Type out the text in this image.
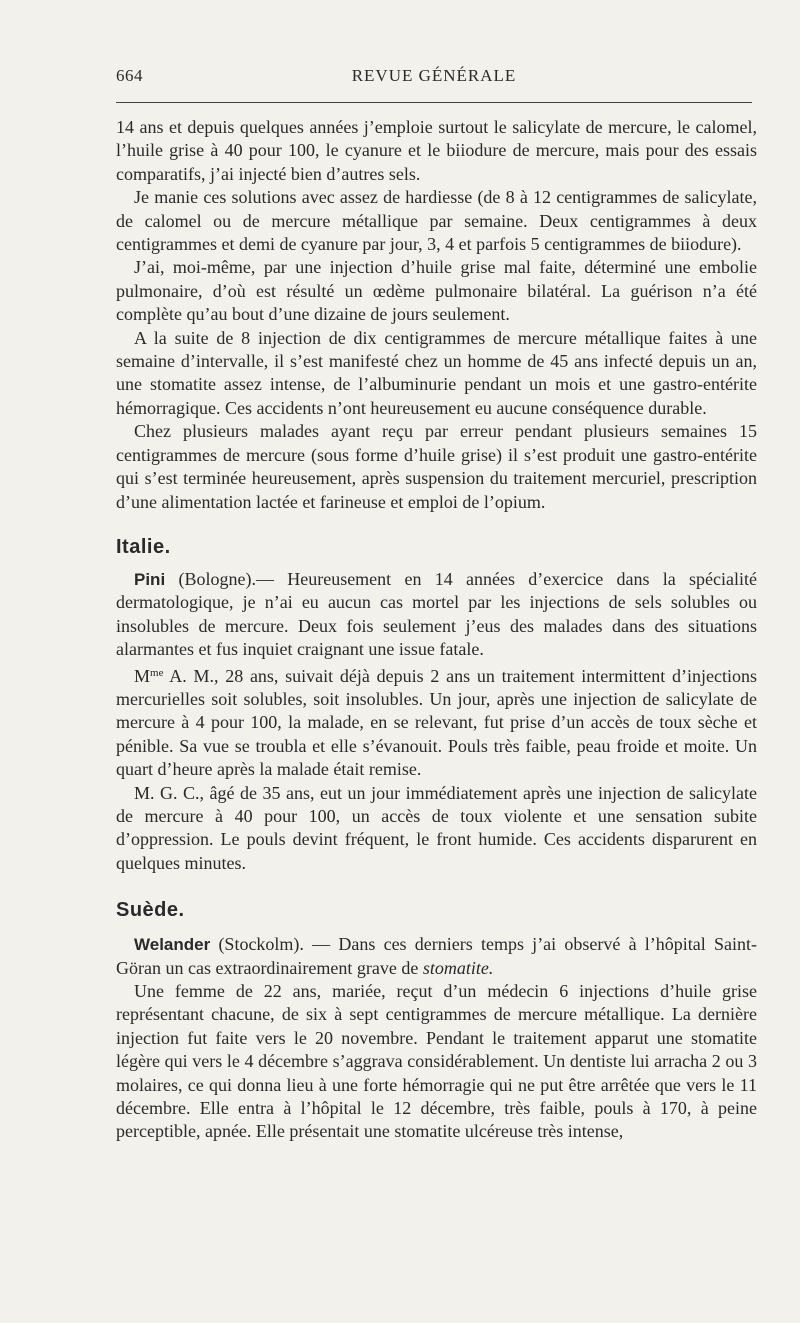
664	REVUE GÉNÉRALE

14 ans et depuis quelques années j’emploie surtout le salicylate de mercure, le calomel, l’huile grise à 40 pour 100, le cyanure et le biiodure de mercure, mais pour des essais comparatifs, j’ai injecté bien d’autres sels.

Je manie ces solutions avec assez de hardiesse (de 8 à 12 centigrammes de salicylate, de calomel ou de mercure métallique par semaine. Deux centigrammes à deux centigrammes et demi de cyanure par jour, 3, 4 et parfois 5 centigrammes de biiodure).

J’ai, moi-même, par une injection d’huile grise mal faite, déterminé une embolie pulmonaire, d’où est résulté un œdème pulmonaire bilatéral. La guérison n’a été complète qu’au bout d’une dizaine de jours seulement.

A la suite de 8 injection de dix centigrammes de mercure métallique faites à une semaine d’intervalle, il s’est manifesté chez un homme de 45 ans infecté depuis un an, une stomatite assez intense, de l’albuminurie pendant un mois et une gastro-entérite hémorragique. Ces accidents n’ont heureusement eu aucune conséquence durable.

Chez plusieurs malades ayant reçu par erreur pendant plusieurs semaines 15 centigrammes de mercure (sous forme d’huile grise) il s’est produit une gastro-entérite qui s’est terminée heureusement, après suspension du traitement mercuriel, prescription d’une alimentation lactée et farineuse et emploi de l’opium.

Italie.

Pini (Bologne).— Heureusement en 14 années d’exercice dans la spécialité dermatologique, je n’ai eu aucun cas mortel par les injections de sels solubles ou insolubles de mercure. Deux fois seulement j’eus des malades dans des situations alarmantes et fus inquiet craignant une issue fatale.

$M^{me}$ A. M., 28 ans, suivait déjà depuis 2 ans un traitement intermittent d’injections mercurielles soit solubles, soit insolubles. Un jour, après une injection de salicylate de mercure à 4 pour 100, la malade, en se relevant, fut prise d’un accès de toux sèche et pénible. Sa vue se troubla et elle s’évanouit. Pouls très faible, peau froide et moite. Un quart d’heure après la malade était remise.

M. G. C., âgé de 35 ans, eut un jour immédiatement après une injection de salicylate de mercure à 40 pour 100, un accès de toux violente et une sensation subite d’oppression. Le pouls devint fréquent, le front humide. Ces accidents disparurent en quelques minutes.

Suède.

Welander (Stockolm). — Dans ces derniers temps j’ai observé à l’hôpital Saint-Göran un cas extraordinairement grave de stomatite.

Une femme de 22 ans, mariée, reçut d’un médecin 6 injections d’huile grise représentant chacune, de six à sept centigrammes de mercure métallique. La dernière injection fut faite vers le 20 novembre. Pendant le traitement apparut une stomatite légère qui vers le 4 décembre s’aggrava considérablement. Un dentiste lui arracha 2 ou 3 molaires, ce qui donna lieu à une forte hémorragie qui ne put être arrêtée que vers le 11 décembre. Elle entra à l’hôpital le 12 décembre, très faible, pouls à 170, à peine perceptible, apnée. Elle présentait une stomatite ulcéreuse très intense,
